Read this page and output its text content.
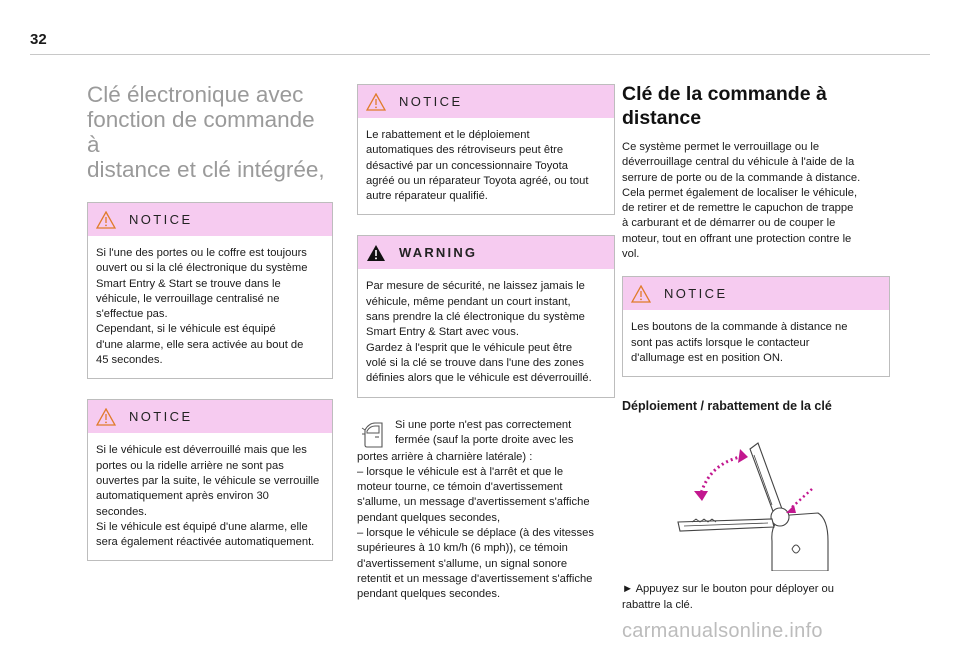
32
Clé électronique avec
fonction de commande à
distance et clé intégrée,
NOTICE
Si l'une des portes ou le coffre est toujours
ouvert ou si la clé électronique du système
Smart Entry & Start se trouve dans le
véhicule, le verrouillage centralisé ne
s'effectue pas.
Cependant, si le véhicule est équipé
d'une alarme, elle sera activée au bout de
45 secondes.
NOTICE
Si le véhicule est déverrouillé mais que les
portes ou la ridelle arrière ne sont pas
ouvertes par la suite, le véhicule se verrouille
automatiquement après environ 30 secondes.
Si le véhicule est équipé d'une alarme, elle
sera également réactivée automatiquement.
NOTICE
Le rabattement et le déploiement
automatiques des rétroviseurs peut être
désactivé par un concessionnaire Toyota
agréé ou un réparateur Toyota agréé, ou tout
autre réparateur qualifié.
WARNING
Par mesure de sécurité, ne laissez jamais le
véhicule, même pendant un court instant,
sans prendre la clé électronique du système
Smart Entry & Start avec vous.
Gardez à l'esprit que le véhicule peut être
volé si la clé se trouve dans l'une des zones
définies alors que le véhicule est déverrouillé.
Si une porte n'est pas correctement
fermée (sauf la porte droite avec les
portes arrière à charnière latérale) :
– lorsque le véhicule est à l'arrêt et que le
moteur tourne, ce témoin d'avertissement
s'allume, un message d'avertissement s'affiche
pendant quelques secondes,
– lorsque le véhicule se déplace (à des vitesses
supérieures à 10 km/h (6 mph)), ce témoin
d'avertissement s'allume, un signal sonore
retentit et un message d'avertissement s'affiche
pendant quelques secondes.
Clé de la commande à
distance
Ce système permet le verrouillage ou le
déverrouillage central du véhicule à l'aide de la
serrure de porte ou de la commande à distance.
Cela permet également de localiser le véhicule,
de retirer et de remettre le capuchon de trappe
à carburant et de démarrer ou de couper le
moteur, tout en offrant une protection contre le
vol.
NOTICE
Les boutons de la commande à distance ne
sont pas actifs lorsque le contacteur
d'allumage est en position ON.
Déploiement / rabattement de la clé
► Appuyez sur le bouton pour déployer ou
rabattre la clé.
carmanualsonline.info
